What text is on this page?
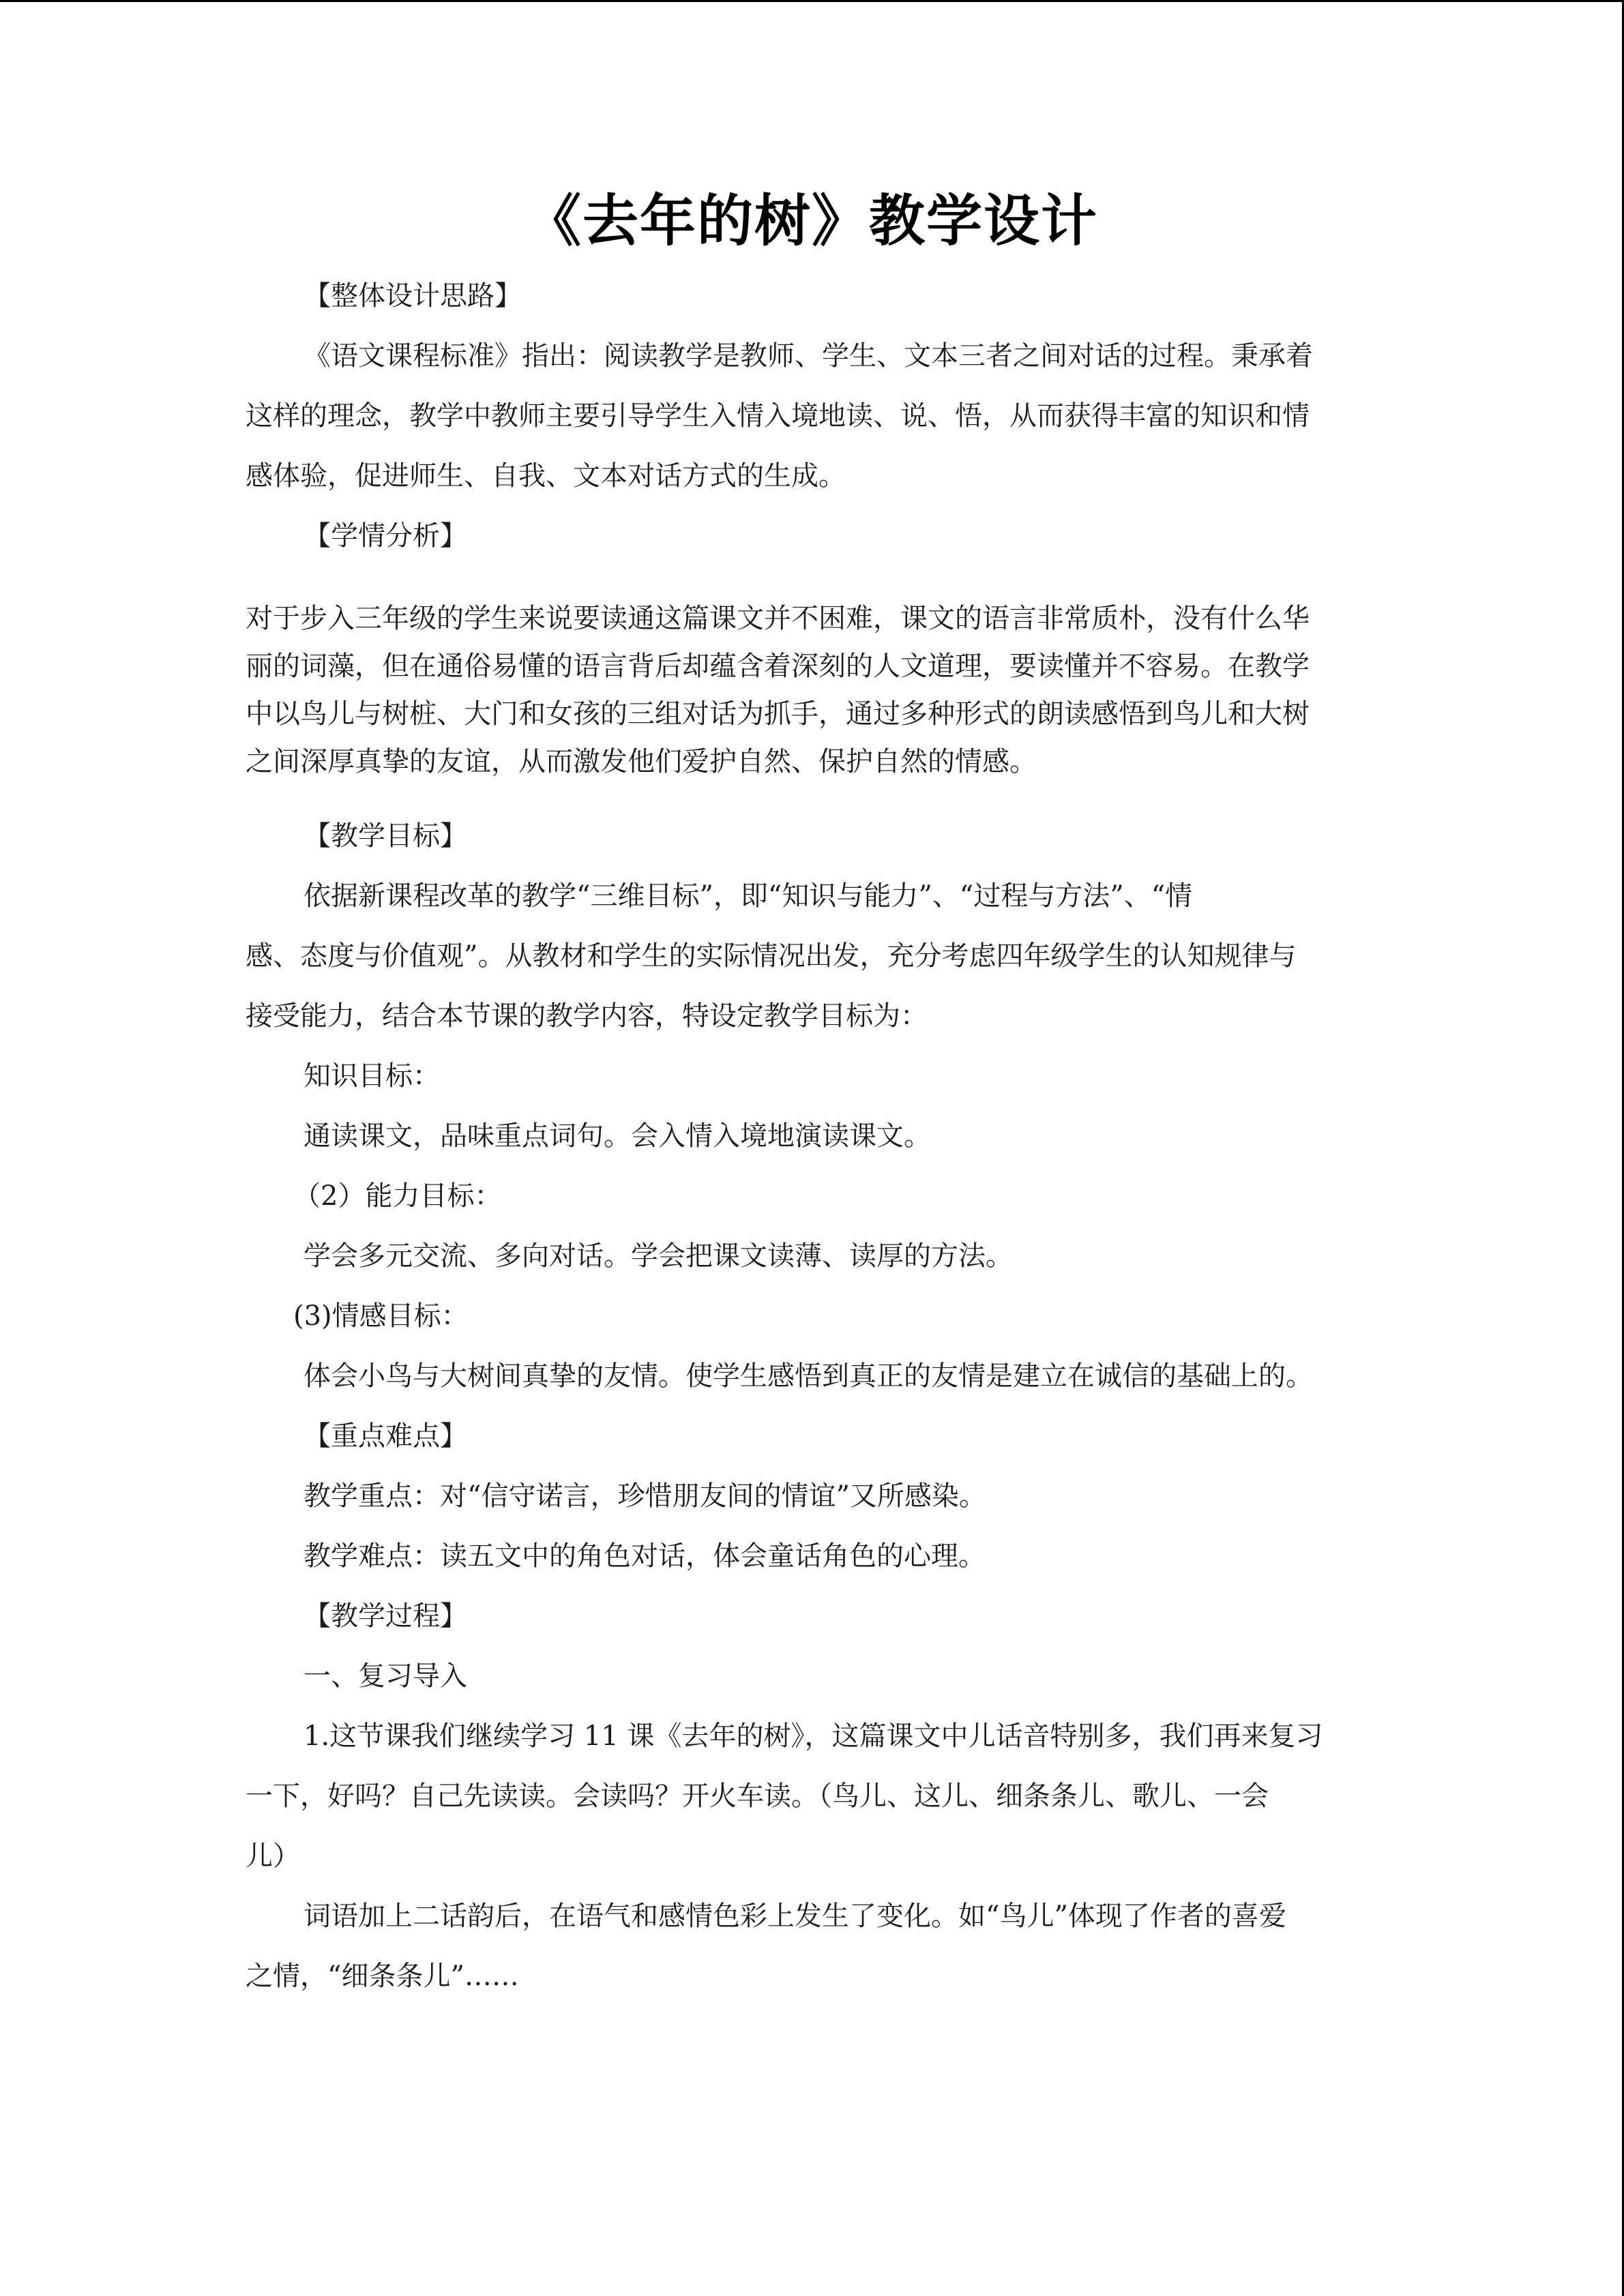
《去年的树》教学设计

【整体设计思路】

《语文课程标准》指出：阅读教学是教师、学生、文本三者之间对话的过程。秉承着

这样的理念，教学中教师主要引导学生入情入境地读、说、悟，从而获得丰富的知识和情

感体验，促进师生、自我、文本对话方式的生成。

【学情分析】

对于步入三年级的学生来说要读通这篇课文并不困难，课文的语言非常质朴，没有什么华

丽的词藻，但在通俗易懂的语言背后却蕴含着深刻的人文道理，要读懂并不容易。在教学

中以鸟儿与树桩、大门和女孩的三组对话为抓手，通过多种形式的朗读感悟到鸟儿和大树

之间深厚真挚的友谊，从而激发他们爱护自然、保护自然的情感。

【教学目标】

依据新课程改革的教学“三维目标”，即“知识与能力”、“过程与方法”、“情

感、态度与价值观”。从教材和学生的实际情况出发，充分考虑四年级学生的认知规律与

接受能力，结合本节课的教学内容，特设定教学目标为：

知识目标：

通读课文，品味重点词句。会入情入境地演读课文。

（2）能力目标：

学会多元交流、多向对话。学会把课文读薄、读厚的方法。

(3)情感目标：

体会小鸟与大树间真挚的友情。使学生感悟到真正的友情是建立在诚信的基础上的。

【重点难点】

教学重点：对“信守诺言，珍惜朋友间的情谊”又所感染。

教学难点：读五文中的角色对话，体会童话角色的心理。

【教学过程】

一、复习导入

1.这节课我们继续学习 11 课《去年的树》，这篇课文中儿话音特别多，我们再来复习

一下，好吗？自己先读读。会读吗？开火车读。（鸟儿、这儿、细条条儿、歌儿、一会

儿）

词语加上二话韵后，在语气和感情色彩上发生了变化。如“鸟儿”体现了作者的喜爱

之情，“细条条儿”……
